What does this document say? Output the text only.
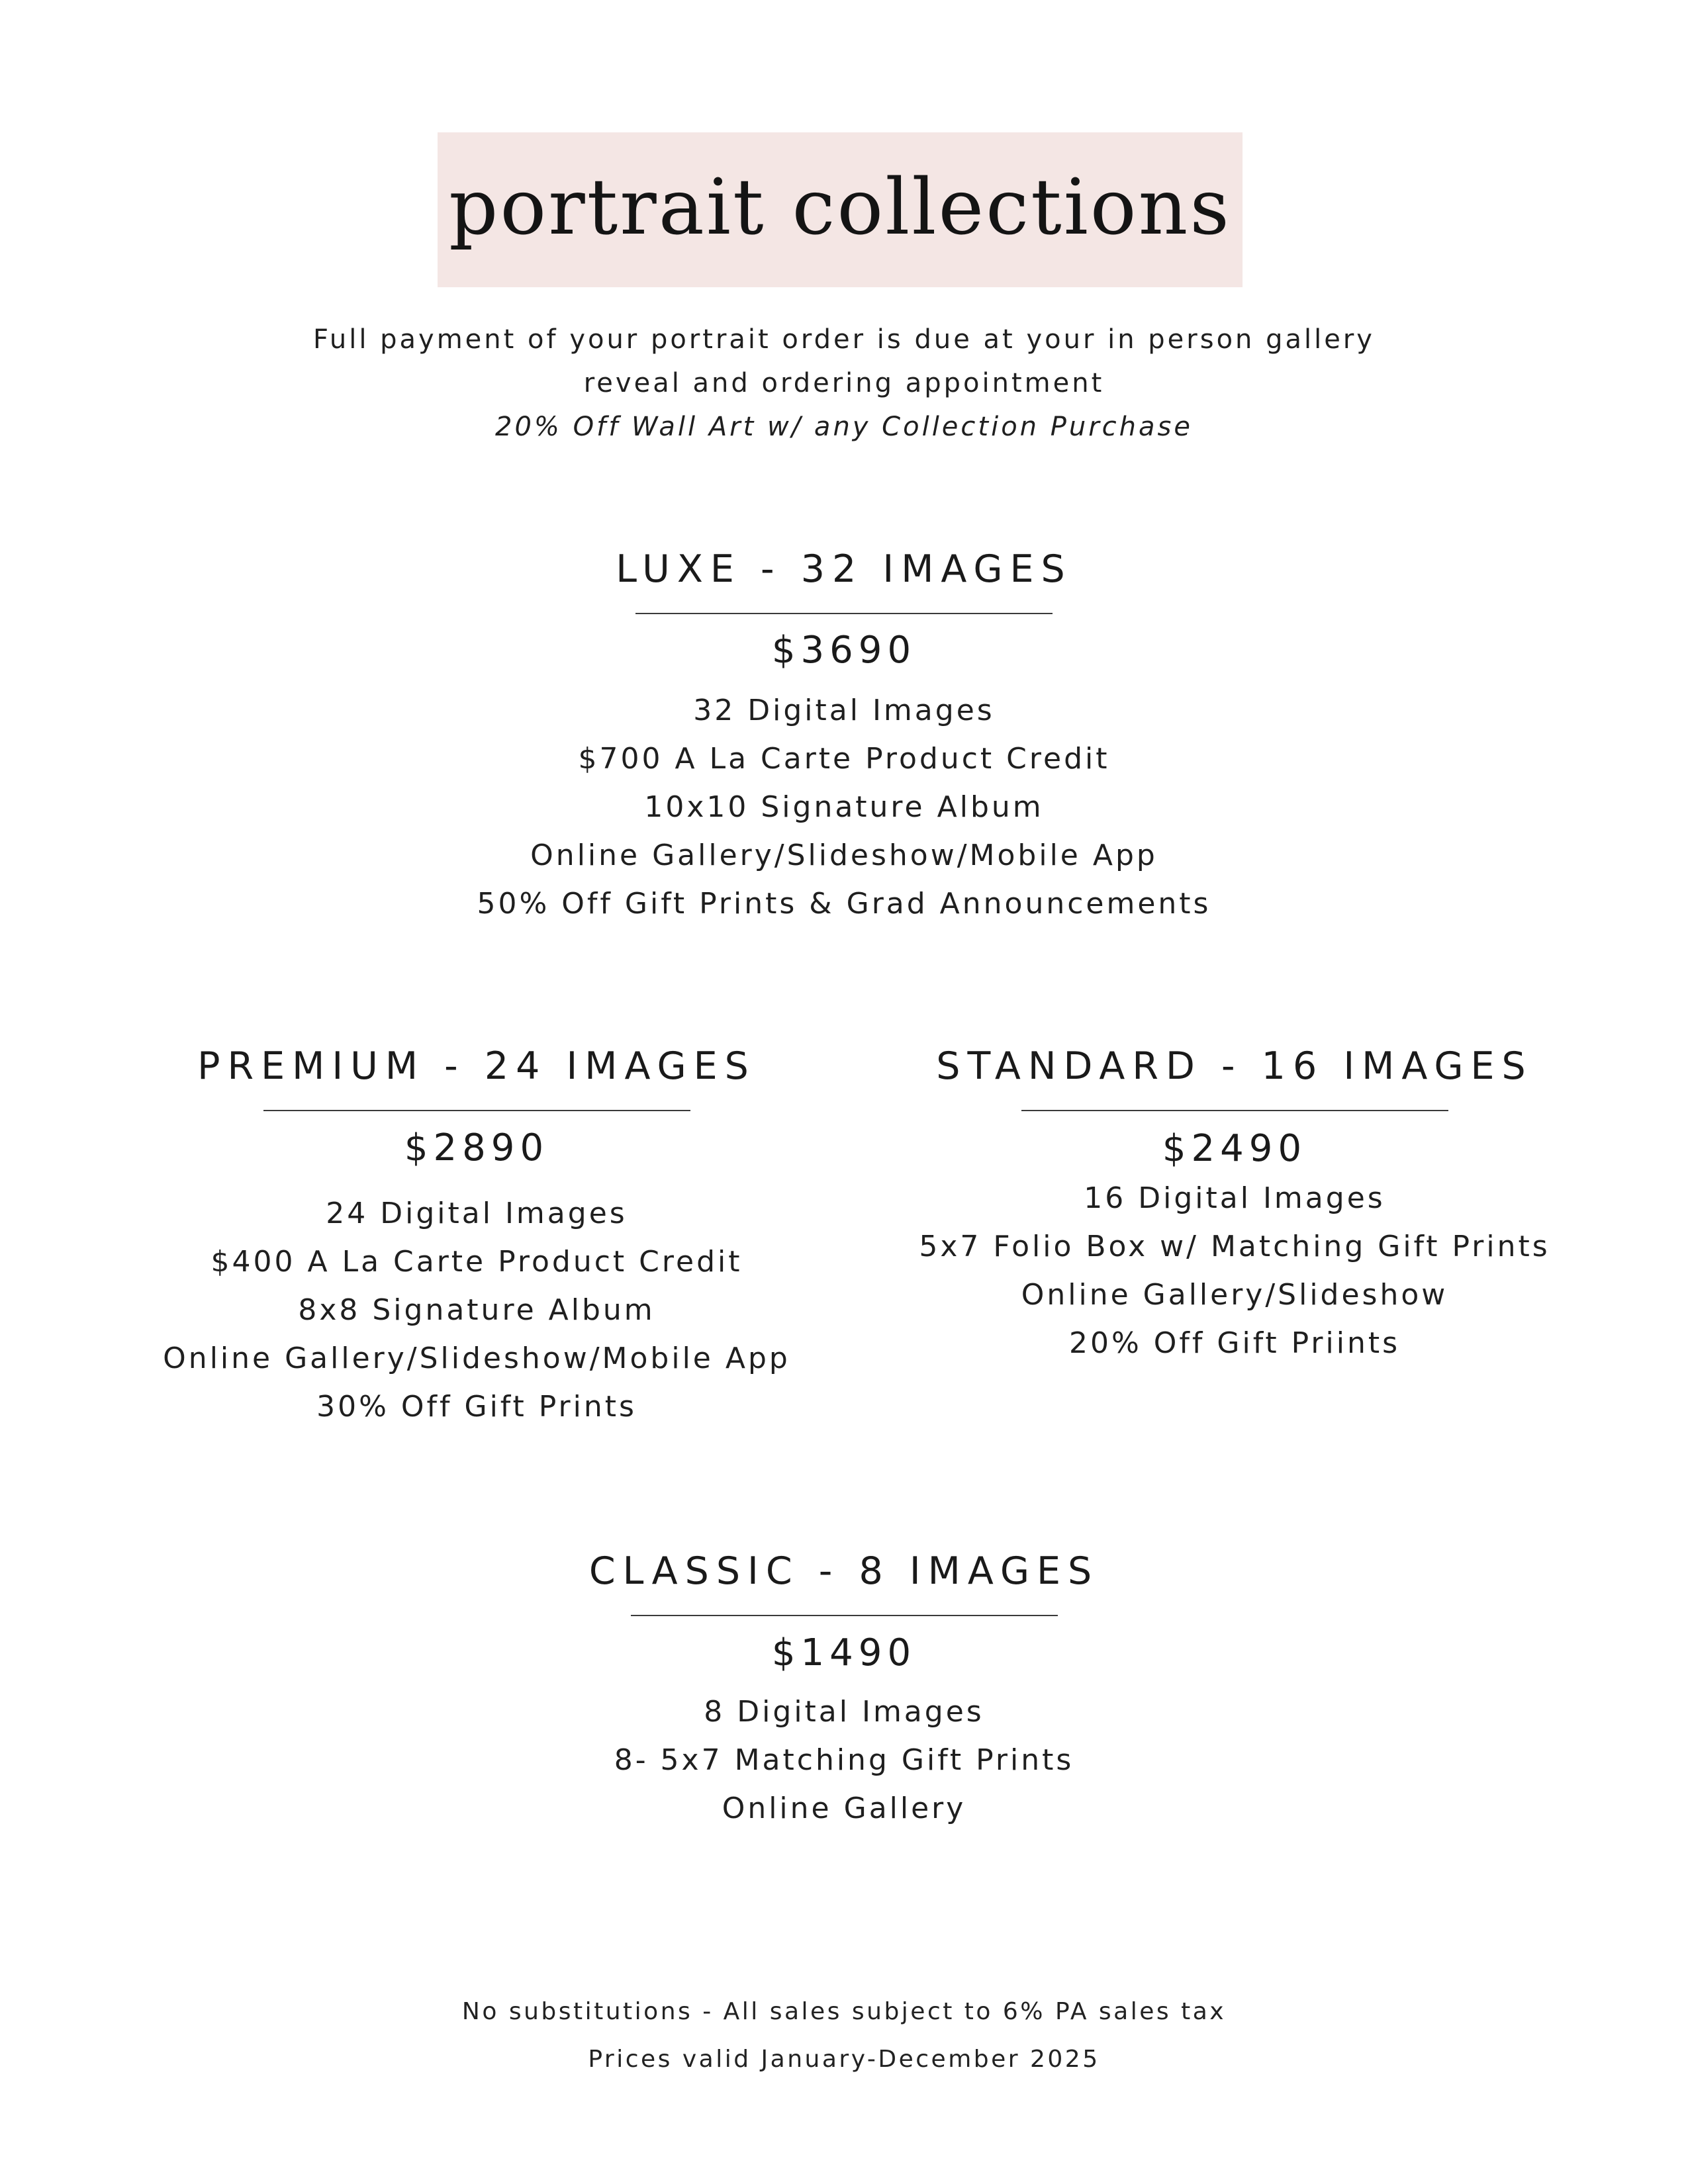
portrait collections
Full payment of your portrait order is due at your in person gallery
reveal and ordering appointment
20% Off Wall Art w/ any Collection Purchase
LUXE - 32 IMAGES
$3690
32 Digital Images
$700 A La Carte Product Credit
10x10 Signature Album
Online Gallery/Slideshow/Mobile App
50% Off Gift Prints & Grad Announcements
PREMIUM - 24 IMAGES
$2890
24 Digital Images
$400 A La Carte Product Credit
8x8 Signature Album
Online Gallery/Slideshow/Mobile App
30% Off Gift Prints
STANDARD - 16 IMAGES
$2490
16 Digital Images
5x7 Folio Box w/ Matching Gift Prints
Online Gallery/Slideshow
20% Off Gift Priints
CLASSIC - 8 IMAGES
$1490
8 Digital Images
8- 5x7 Matching Gift Prints
Online Gallery
No substitutions - All sales subject to 6% PA sales tax
Prices valid January-December 2025
